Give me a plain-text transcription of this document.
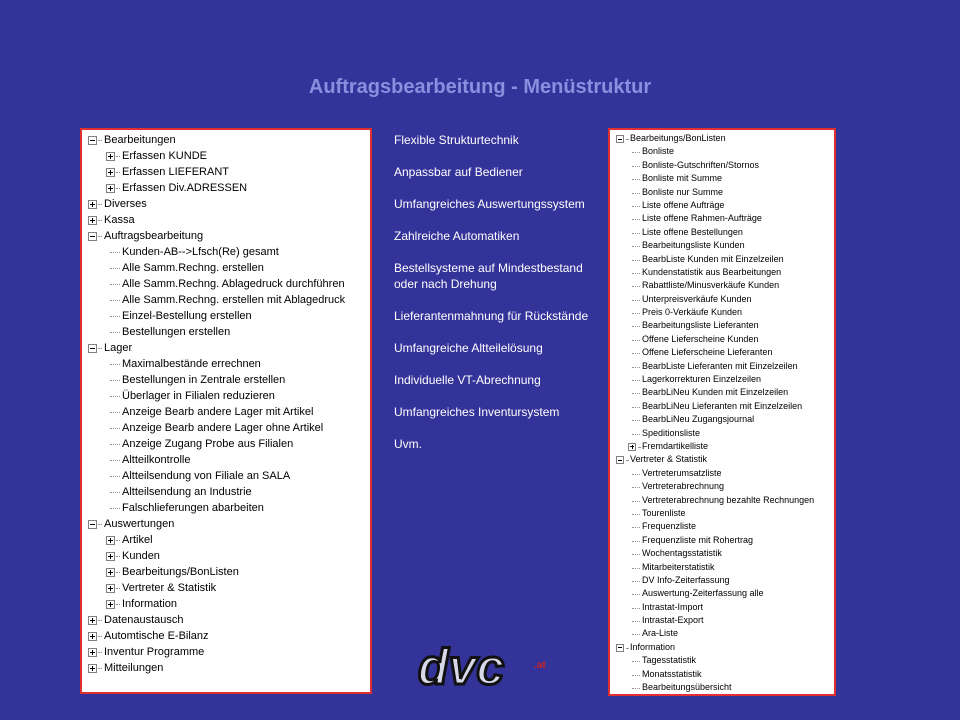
Auftragsbearbeitung - Menüstruktur
Bearbeitungen
Erfassen KUNDE
Erfassen LIEFERANT
Erfassen Div.ADRESSEN
Diverses
Kassa
Auftragsbearbeitung
Kunden-AB-->Lfsch(Re) gesamt
Alle Samm.Rechng. erstellen
Alle Samm.Rechng. Ablagedruck durchführen
Alle Samm.Rechng. erstellen mit Ablagedruck
Einzel-Bestellung erstellen
Bestellungen erstellen
Lager
Maximalbestände errechnen
Bestellungen in Zentrale erstellen
Überlager in Filialen reduzieren
Anzeige Bearb andere Lager mit Artikel
Anzeige Bearb andere Lager ohne Artikel
Anzeige Zugang Probe aus Filialen
Altteilkontrolle
Altteilsendung von Filiale an SALA
Altteilsendung an Industrie
Falschlieferungen abarbeiten
Auswertungen
Artikel
Kunden
Bearbeitungs/BonListen
Vertreter & Statistik
Information
Datenaustausch
Automtische E-Bilanz
Inventur Programme
Mitteilungen
Flexible Strukturtechnik
Anpassbar auf Bediener
Umfangreiches Auswertungssystem
Zahlreiche Automatiken
Bestellsysteme auf Mindestbestand oder nach Drehung
Lieferantenmahnung für Rückstände
Umfangreiche Altteilelösung
Individuelle VT-Abrechnung
Umfangreiches Inventursystem
Uvm.
Bearbeitungs/BonListen
Bonliste
Bonliste-Gutschriften/Stornos
Bonliste mit Summe
Bonliste nur Summe
Liste offene Aufträge
Liste offene Rahmen-Aufträge
Liste offene Bestellungen
Bearbeitungsliste Kunden
BearbListe Kunden mit Einzelzeilen
Kundenstatistik aus Bearbeitungen
Rabattliste/Minusverkäufe Kunden
Unterpreisverkäufe Kunden
Preis 0-Verkäufe Kunden
Bearbeitungsliste Lieferanten
Offene Lieferscheine Kunden
Offene Lieferscheine Lieferanten
BearbListe Lieferanten mit Einzelzeilen
Lagerkorrekturen Einzelzeilen
BearbLiNeu Kunden mit Einzelzeilen
BearbLiNeu Lieferanten mit Einzelzeilen
BearbLiNeu Zugangsjournal
Speditionsliste
Fremdartikelliste
Vertreter & Statistik
Vertreterumsatzliste
Vertreterabrechnung
Vertreterabrechnung bezahlte Rechnungen
Tourenliste
Frequenzliste
Frequenzliste mit Rohertrag
Wochentagsstatistik
Mitarbeiterstatistik
DV Info-Zeiterfassung
Auswertung-Zeiterfassung alle
Intrastat-Import
Intrastat-Export
Ara-Liste
Information
Tagesstatistik
Monatsstatistik
Bearbeitungsübersicht
dvc	.at
